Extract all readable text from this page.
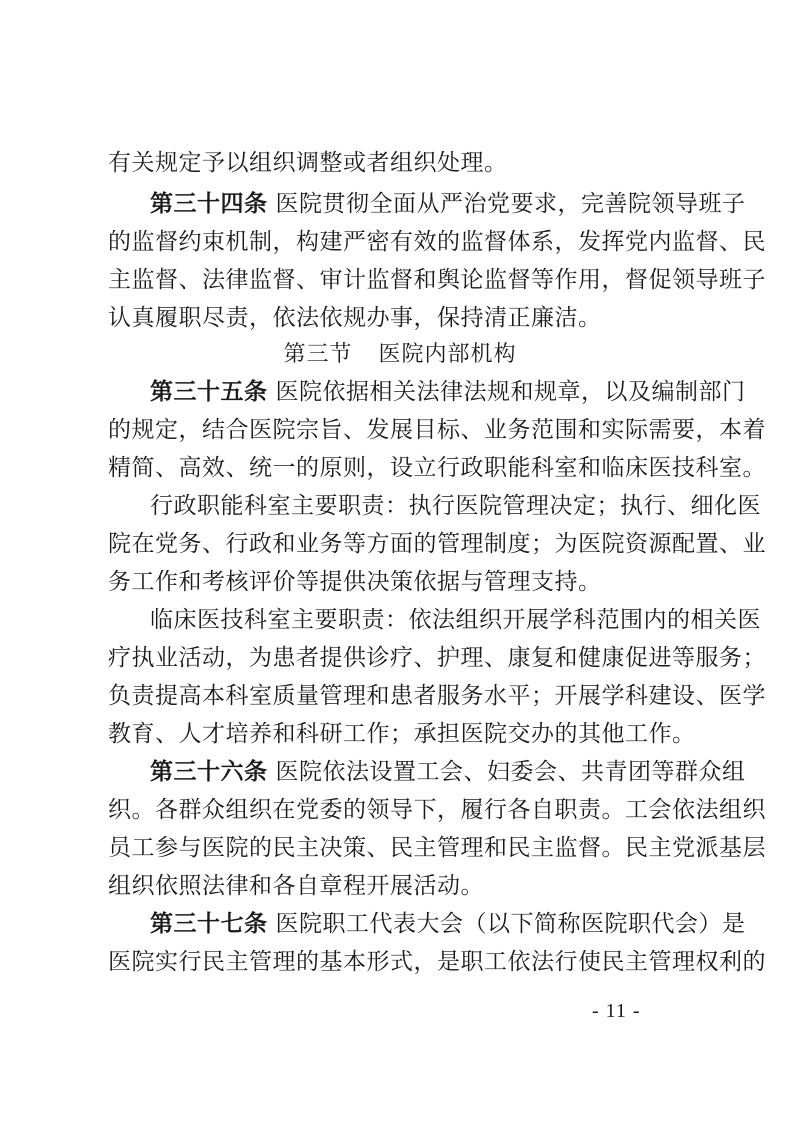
有关规定予以组织调整或者组织处理。
第三十四条 医院贯彻全面从严治党要求，完善院领导班子
的监督约束机制，构建严密有效的监督体系，发挥党内监督、民
主监督、法律监督、审计监督和舆论监督等作用，督促领导班子
认真履职尽责，依法依规办事，保持清正廉洁。
第三节 医院内部机构
第三十五条 医院依据相关法律法规和规章，以及编制部门
的规定，结合医院宗旨、发展目标、业务范围和实际需要，本着
精简、高效、统一的原则，设立行政职能科室和临床医技科室。
行政职能科室主要职责：执行医院管理决定；执行、细化医
院在党务、行政和业务等方面的管理制度；为医院资源配置、业
务工作和考核评价等提供决策依据与管理支持。
临床医技科室主要职责：依法组织开展学科范围内的相关医
疗执业活动，为患者提供诊疗、护理、康复和健康促进等服务；
负责提高本科室质量管理和患者服务水平；开展学科建设、医学
教育、人才培养和科研工作；承担医院交办的其他工作。
第三十六条 医院依法设置工会、妇委会、共青团等群众组
织。各群众组织在党委的领导下，履行各自职责。工会依法组织
员工参与医院的民主决策、民主管理和民主监督。民主党派基层
组织依照法律和各自章程开展活动。
第三十七条 医院职工代表大会（以下简称医院职代会）是
医院实行民主管理的基本形式，是职工依法行使民主管理权利的
- 11 -
